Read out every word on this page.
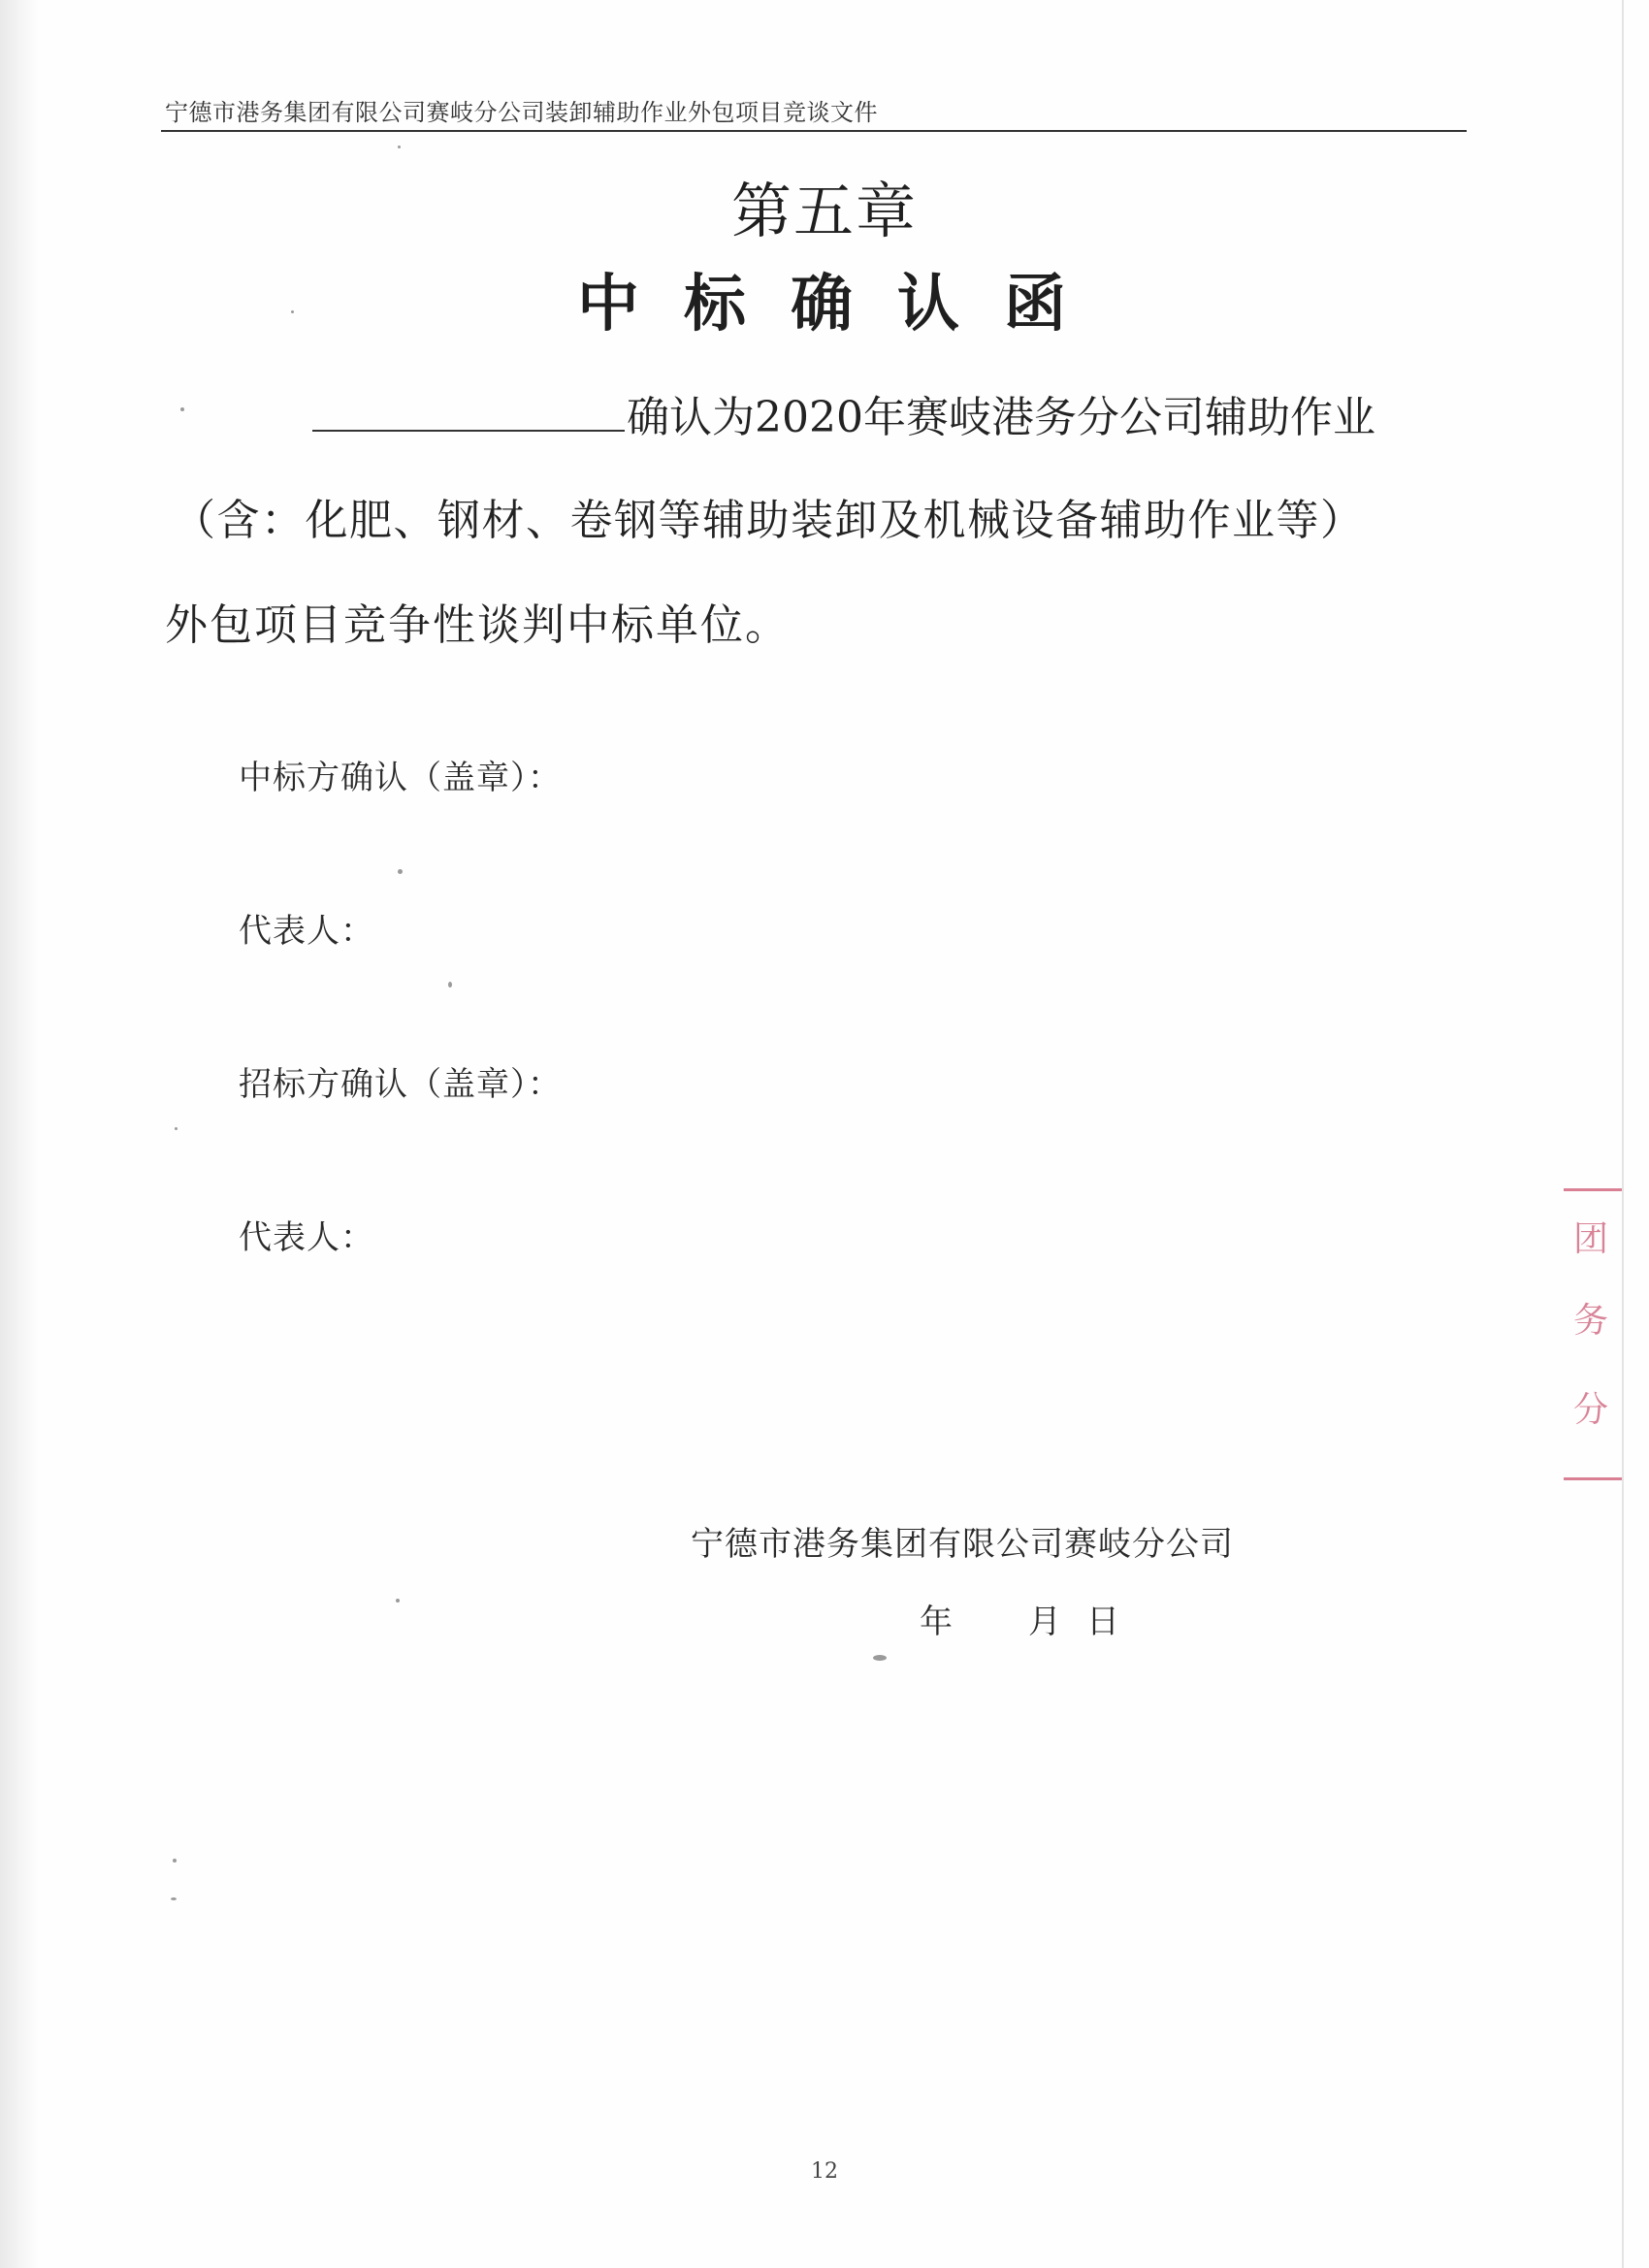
宁德市港务集团有限公司赛岐分公司装卸辅助作业外包项目竞谈文件
第五章
中标确认函
确认为2020年赛岐港务分公司辅助作业
（含：化肥、钢材、卷钢等辅助装卸及机械设备辅助作业等）
外包项目竞争性谈判中标单位。
中标方确认（盖章）：
代表人：
招标方确认（盖章）：
代表人：
宁德市港务集团有限公司赛岐分公司
年 月 日
团
务
分
12
